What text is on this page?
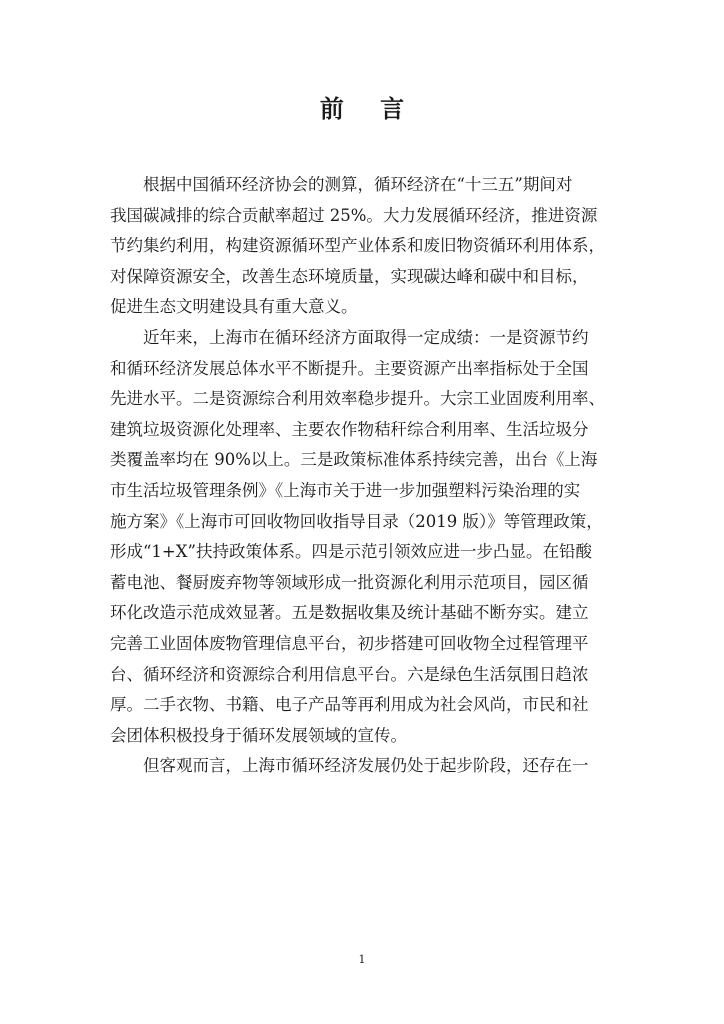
前 言

根据中国循环经济协会的测算，循环经济在“十三五”期间对
我国碳减排的综合贡献率超过 25%。大力发展循环经济，推进资源
节约集约利用，构建资源循环型产业体系和废旧物资循环利用体系，
对保障资源安全，改善生态环境质量，实现碳达峰和碳中和目标，
促进生态文明建设具有重大意义。

近年来，上海市在循环经济方面取得一定成绩：一是资源节约
和循环经济发展总体水平不断提升。主要资源产出率指标处于全国
先进水平。二是资源综合利用效率稳步提升。大宗工业固废利用率、
建筑垃圾资源化处理率、主要农作物秸秆综合利用率、生活垃圾分
类覆盖率均在 90%以上。三是政策标准体系持续完善，出台《上海
市生活垃圾管理条例》《上海市关于进一步加强塑料污染治理的实
施方案》《上海市可回收物回收指导目录（2019 版）》等管理政策，
形成“1+X”扶持政策体系。四是示范引领效应进一步凸显。在铅酸
蓄电池、餐厨废弃物等领域形成一批资源化利用示范项目，园区循
环化改造示范成效显著。五是数据收集及统计基础不断夯实。建立
完善工业固体废物管理信息平台，初步搭建可回收物全过程管理平
台、循环经济和资源综合利用信息平台。六是绿色生活氛围日趋浓
厚。二手衣物、书籍、电子产品等再利用成为社会风尚，市民和社
会团体积极投身于循环发展领域的宣传。

但客观而言，上海市循环经济发展仍处于起步阶段，还存在一

1
